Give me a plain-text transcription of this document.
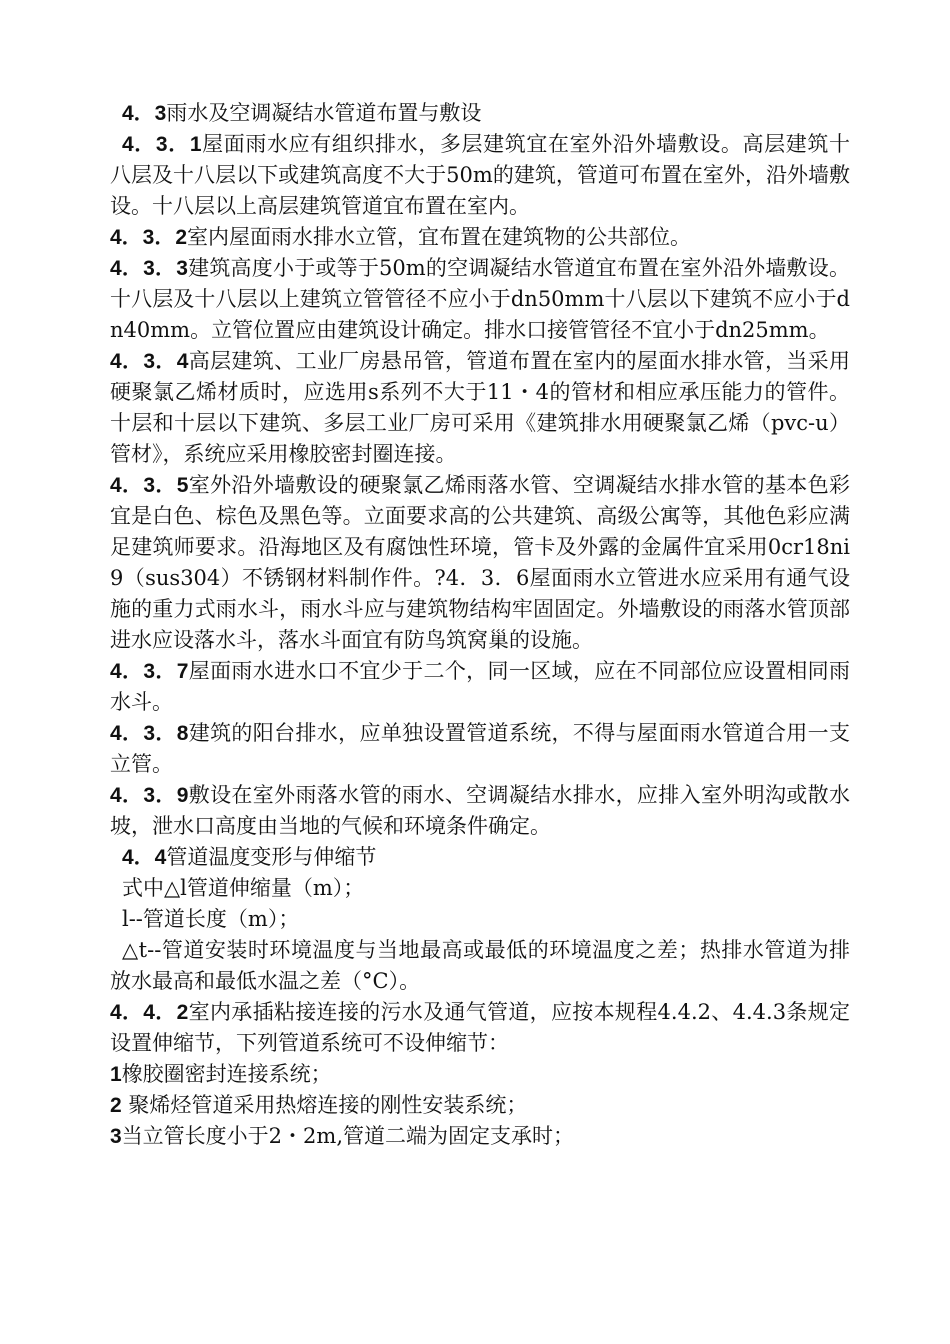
4．3雨水及空调凝结水管道布置与敷设

4．3．1屋面雨水应有组织排水，多层建筑宜在室外沿外墙敷设。高层建筑十八层及十八层以下或建筑高度不大于50m的建筑，管道可布置在室外，沿外墙敷设。十八层以上高层建筑管道宜布置在室内。

4．3．2室内屋面雨水排水立管，宜布置在建筑物的公共部位。

4．3．3建筑高度小于或等于50m的空调凝结水管道宜布置在室外沿外墙敷设。十八层及十八层以上建筑立管管径不应小于dn50mm十八层以下建筑不应小于dn40mm。立管位置应由建筑设计确定。排水口接管管径不宜小于dn25mm。

4．3．4高层建筑、工业厂房悬吊管，管道布置在室内的屋面水排水管，当采用硬聚氯乙烯材质时，应选用s系列不大于11・4的管材和相应承压能力的管件。十层和十层以下建筑、多层工业厂房可采用《建筑排水用硬聚氯乙烯（pvc-u）管材》，系统应采用橡胶密封圈连接。

4．3．5室外沿外墙敷设的硬聚氯乙烯雨落水管、空调凝结水排水管的基本色彩宜是白色、棕色及黑色等。立面要求高的公共建筑、高级公寓等，其他色彩应满足建筑师要求。沿海地区及有腐蚀性环境，管卡及外露的金属件宜采用0cr18ni9（sus304）不锈钢材料制作件。?4．3．6屋面雨水立管进水应采用有通气设施的重力式雨水斗，雨水斗应与建筑物结构牢固固定。外墙敷设的雨落水管顶部进水应设落水斗，落水斗面宜有防鸟筑窝巢的设施。

4．3．7屋面雨水进水口不宜少于二个，同一区域，应在不同部位应设置相同雨水斗。

4．3．8建筑的阳台排水，应单独设置管道系统，不得与屋面雨水管道合用一支立管。

4．3．9敷设在室外雨落水管的雨水、空调凝结水排水，应排入室外明沟或散水坡，泄水口高度由当地的气候和环境条件确定。

4．4管道温度变形与伸缩节

式中△l管道伸缩量（m）；

l--管道长度（m）；

△t--管道安装时环境温度与当地最高或最低的环境温度之差；热排水管道为排放水最高和最低水温之差（°C）。

4．4．2室内承插粘接连接的污水及通气管道，应按本规程4.4.2、4.4.3条规定设置伸缩节，下列管道系统可不设伸缩节：

1橡胶圈密封连接系统；

2 聚烯烃管道采用热熔连接的刚性安装系统；

3当立管长度小于2・2m,管道二端为固定支承时；
